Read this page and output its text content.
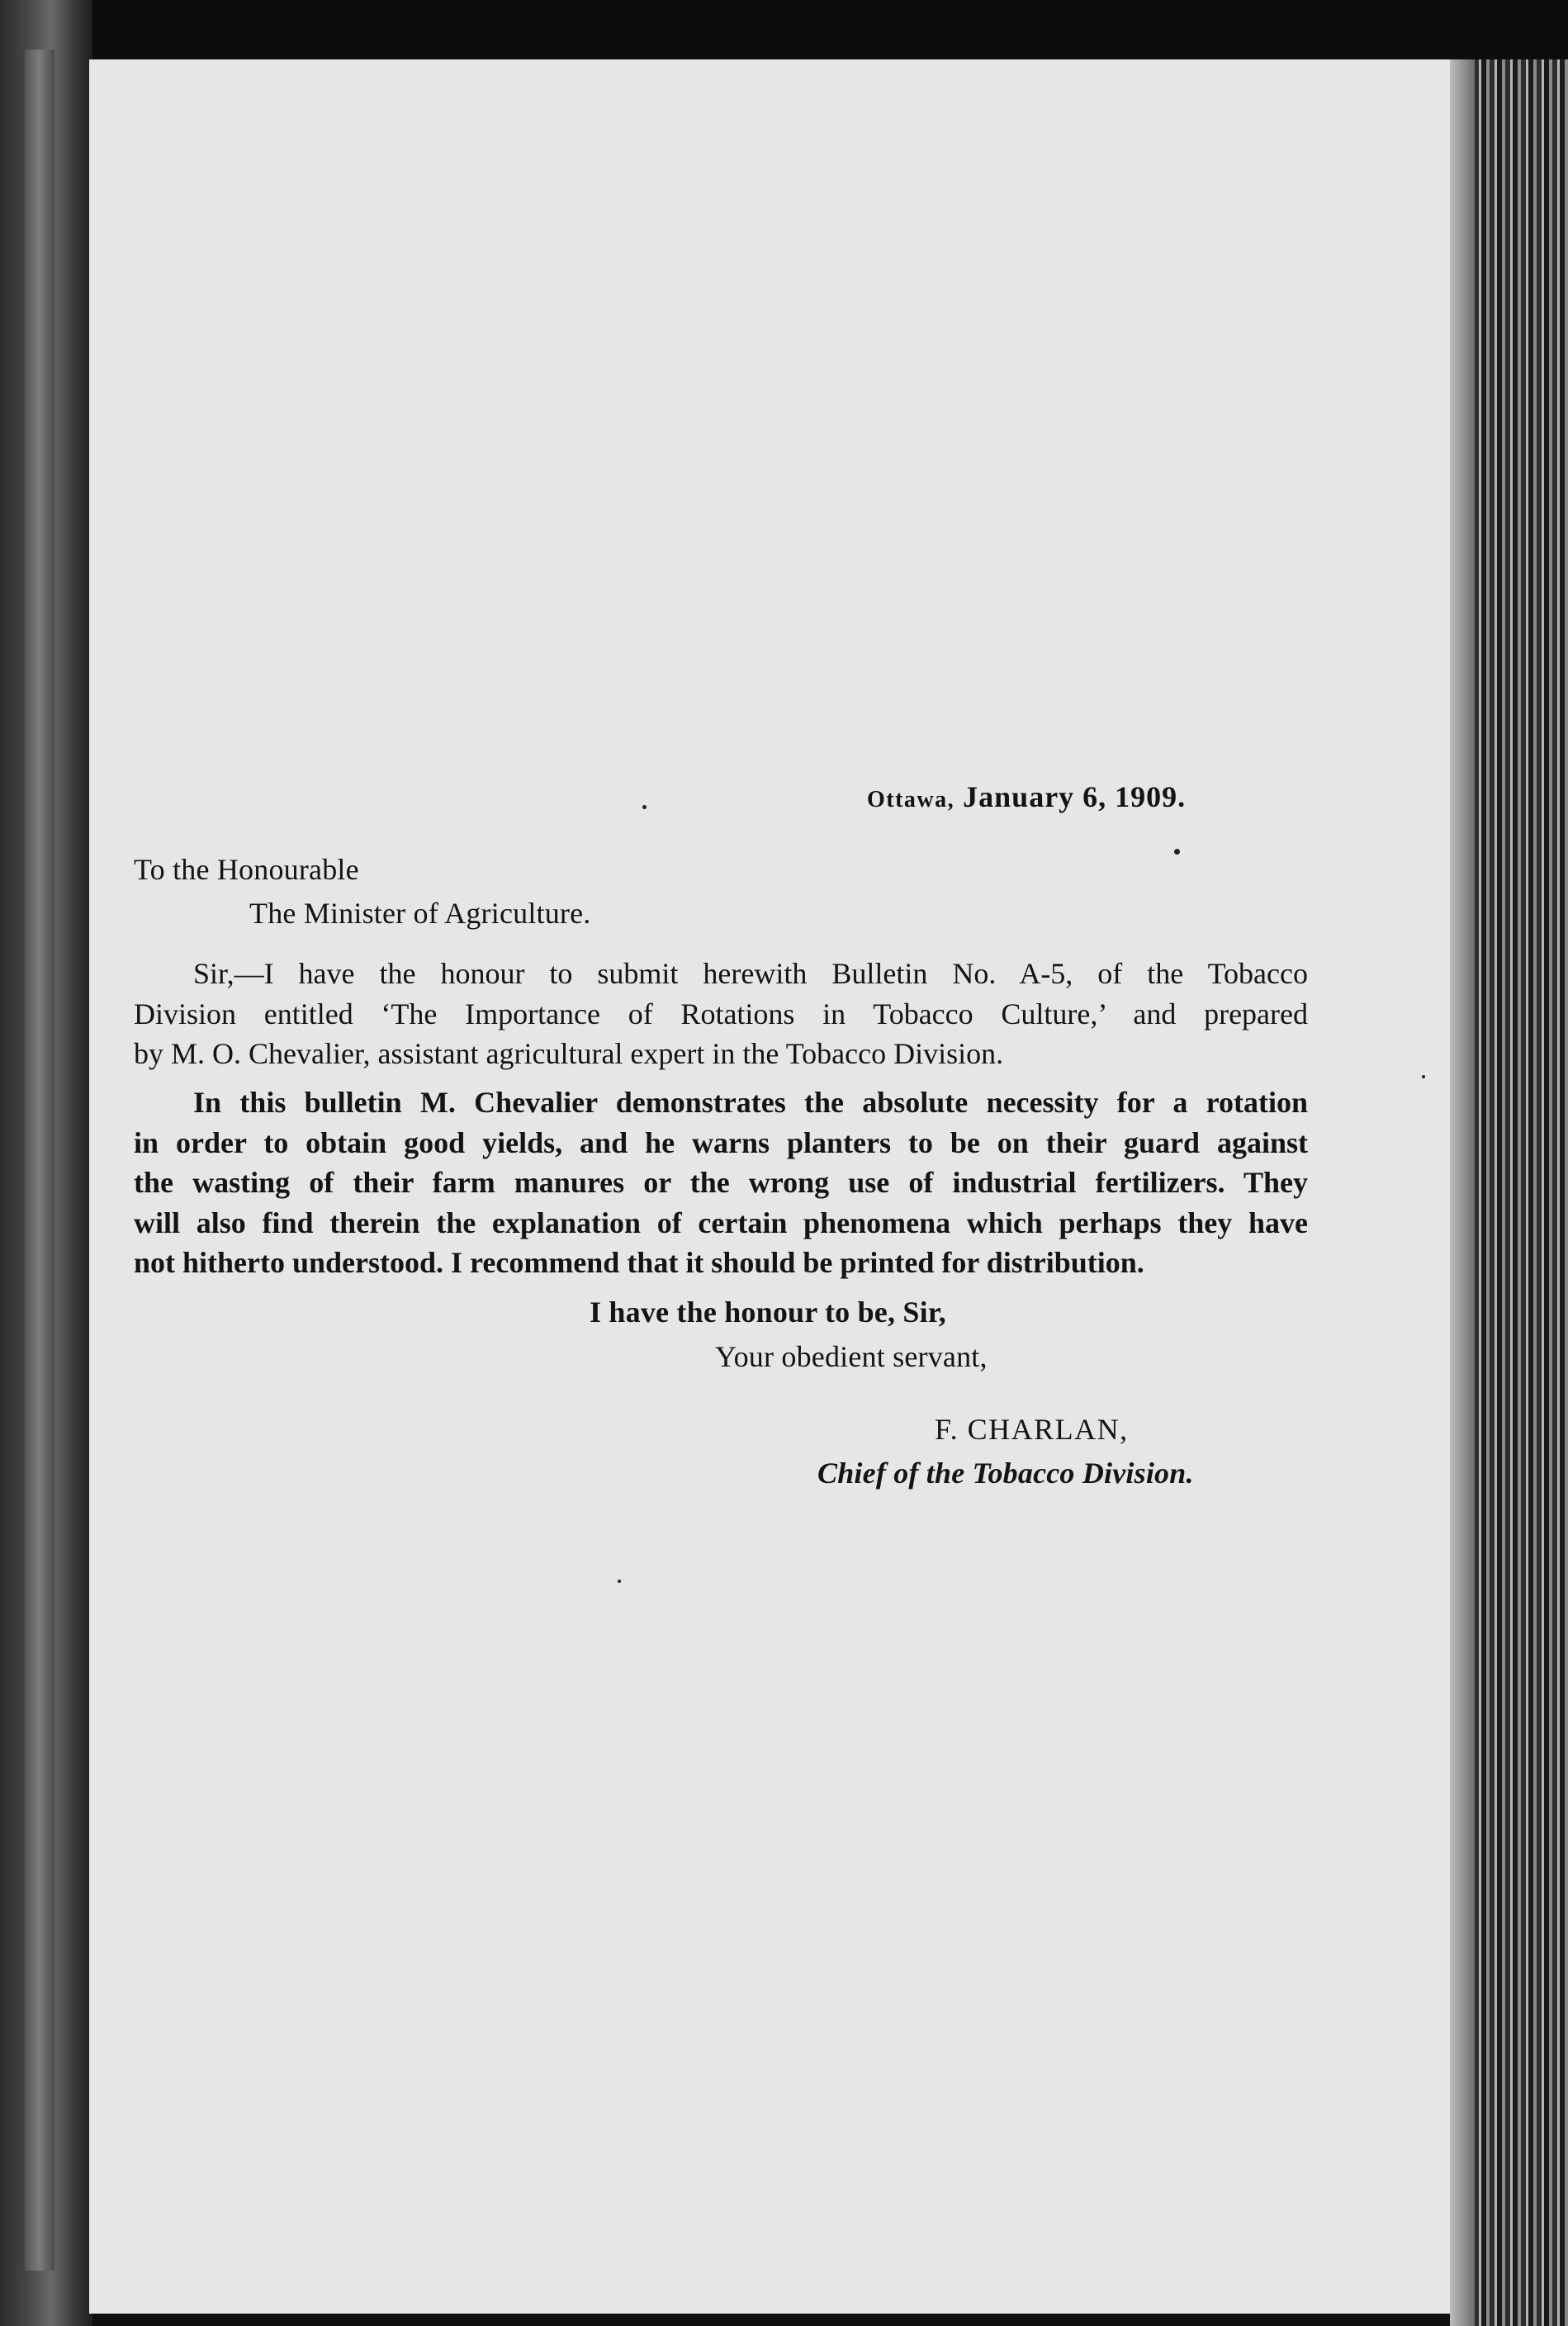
Ottawa, January 6, 1909.
To the Honourable
The Minister of Agriculture.
Sir,—I have the honour to submit herewith Bulletin No. A-5, of the Tobacco
Division entitled ‘The Importance of Rotations in Tobacco Culture,’ and prepared
by M. O. Chevalier, assistant agricultural expert in the Tobacco Division.
In this bulletin M. Chevalier demonstrates the absolute necessity for a rotation
in order to obtain good yields, and he warns planters to be on their guard against
the wasting of their farm manures or the wrong use of industrial fertilizers. They
will also find therein the explanation of certain phenomena which perhaps they have
not hitherto understood. I recommend that it should be printed for distribution.
I have the honour to be, Sir,
Your obedient servant,
F. CHARLAN,
Chief of the Tobacco Division.
